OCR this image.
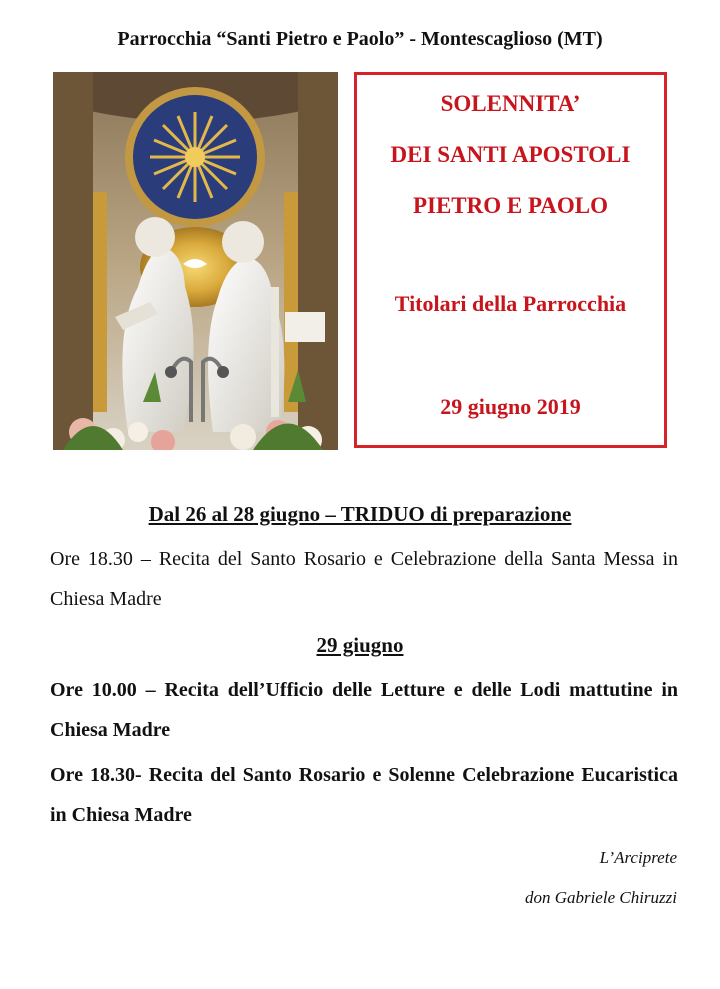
Parrocchia “Santi Pietro e Paolo” - Montescaglioso (MT)
SOLENNITA’
DEI SANTI APOSTOLI
PIETRO E PAOLO
Titolari della Parrocchia
29 giugno 2019
Dal 26 al 28 giugno – TRIDUO di preparazione
Ore 18.30 – Recita del Santo Rosario e Celebrazione della Santa Messa in Chiesa Madre
29 giugno
Ore 10.00 – Recita dell’Ufficio delle Letture e delle Lodi mattutine in Chiesa Madre
Ore 18.30- Recita del Santo Rosario e Solenne Celebrazione Eucaristica in Chiesa Madre
L’Arciprete
don Gabriele Chiruzzi
